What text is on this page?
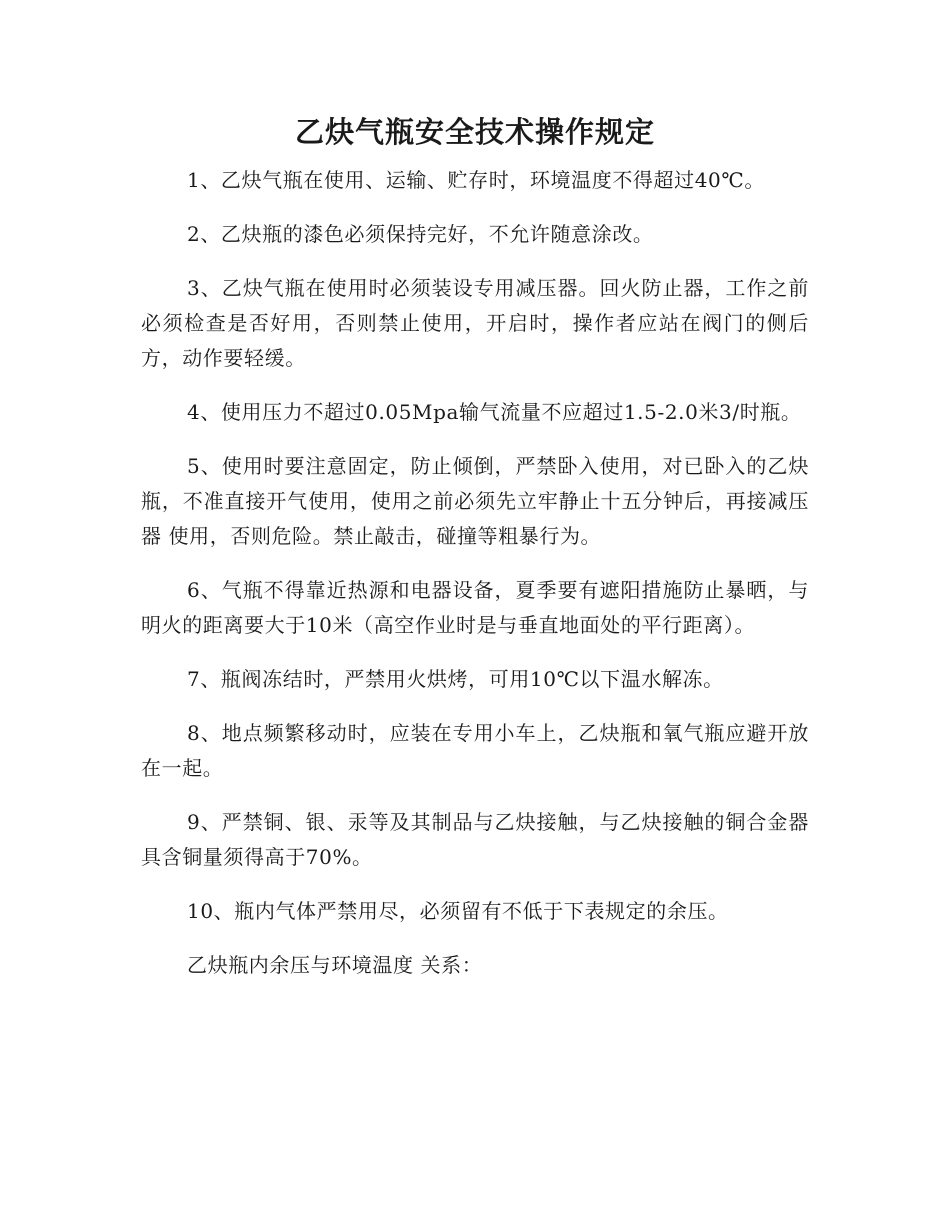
乙炔气瓶安全技术操作规定

1、乙炔气瓶在使用、运输、贮存时，环境温度不得超过40℃。

2、乙炔瓶的漆色必须保持完好，不允许随意涂改。

3、乙炔气瓶在使用时必须装设专用减压器。回火防止器，工作之前必须检查是否好用，否则禁止使用，开启时，操作者应站在阀门的侧后方，动作要轻缓。

4、使用压力不超过0.05Mpa输气流量不应超过1.5-2.0米3/时瓶。

5、使用时要注意固定，防止倾倒，严禁卧入使用，对已卧入的乙炔瓶，不准直接开气使用，使用之前必须先立牢静止十五分钟后，再接减压器 使用，否则危险。禁止敲击，碰撞等粗暴行为。

6、气瓶不得靠近热源和电器设备，夏季要有遮阳措施防止暴晒，与明火的距离要大于10米（高空作业时是与垂直地面处的平行距离）。

7、瓶阀冻结时，严禁用火烘烤，可用10℃以下温水解冻。

8、地点频繁移动时，应装在专用小车上，乙炔瓶和氧气瓶应避开放在一起。

9、严禁铜、银、汞等及其制品与乙炔接触，与乙炔接触的铜合金器具含铜量须得高于70%。

10、瓶内气体严禁用尽，必须留有不低于下表规定的余压。

乙炔瓶内余压与环境温度 关系：
